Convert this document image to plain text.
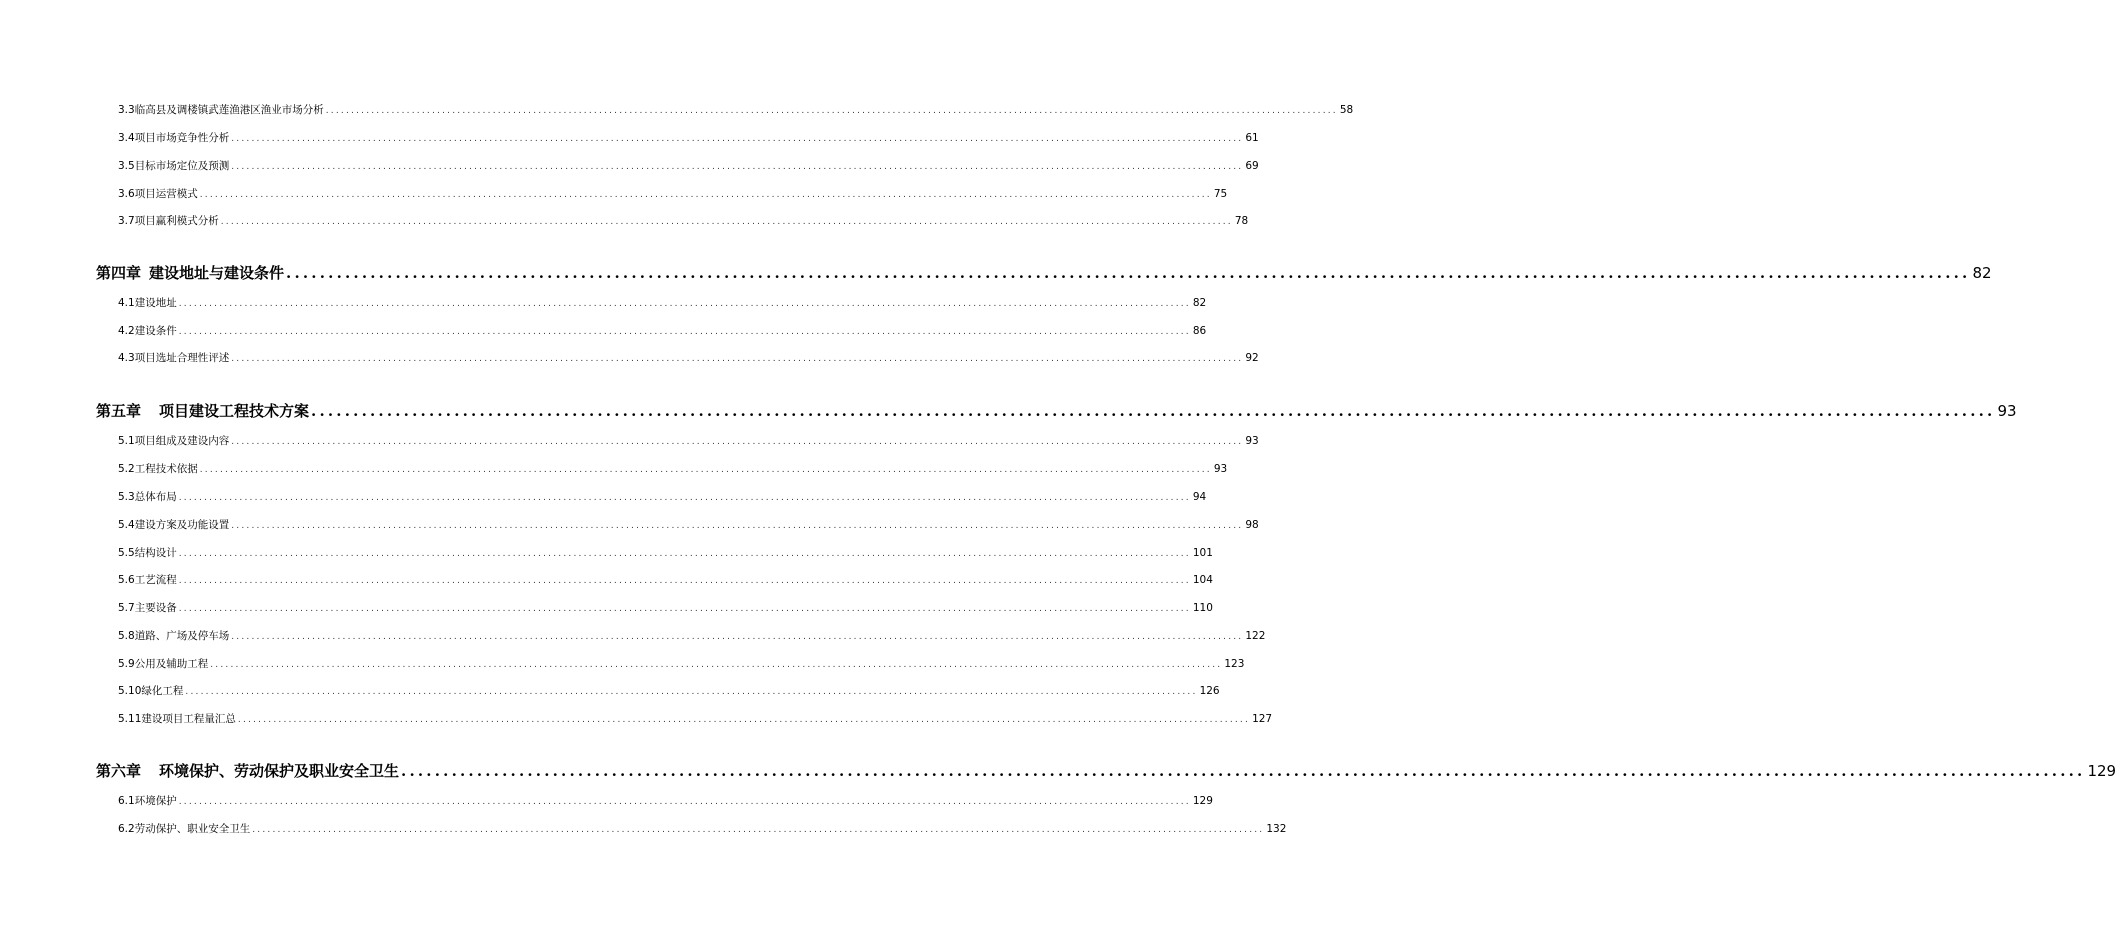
3.3 临高县及调楼镇武莲渔港区渔业市场分析 ........................................................................................................................................................................................................ 58
3.4 项目市场竞争性分析 ........................................................................................................................................................................................................ 61
3.5 目标市场定位及预测 ........................................................................................................................................................................................................ 69
3.6 项目运营模式 ........................................................................................................................................................................................................ 75
3.7 项目赢利模式分析 ........................................................................................................................................................................................................ 78
第四章 建设地址与建设条件 ........................................................................................................................................................................................................ 82
4.1 建设地址 ........................................................................................................................................................................................................ 82
4.2 建设条件 ........................................................................................................................................................................................................ 86
4.3 项目选址合理性评述 ........................................................................................................................................................................................................ 92
第五章 项目建设工程技术方案 ........................................................................................................................................................................................................ 93
5.1 项目组成及建设内容 ........................................................................................................................................................................................................ 93
5.2 工程技术依据 ........................................................................................................................................................................................................ 93
5.3 总体布局 ........................................................................................................................................................................................................ 94
5.4 建设方案及功能设置 ........................................................................................................................................................................................................ 98
5.5 结构设计 ........................................................................................................................................................................................................ 101
5.6 工艺流程 ........................................................................................................................................................................................................ 104
5.7 主要设备 ........................................................................................................................................................................................................ 110
5.8 道路、广场及停车场 ........................................................................................................................................................................................................ 122
5.9 公用及辅助工程 ........................................................................................................................................................................................................ 123
5.10 绿化工程 ........................................................................................................................................................................................................ 126
5.11 建设项目工程量汇总 ........................................................................................................................................................................................................ 127
第六章 环境保护、劳动保护及职业安全卫生 ........................................................................................................................................................................................................ 129
6.1 环境保护 ........................................................................................................................................................................................................ 129
6.2 劳动保护、职业安全卫生 ........................................................................................................................................................................................................ 132
